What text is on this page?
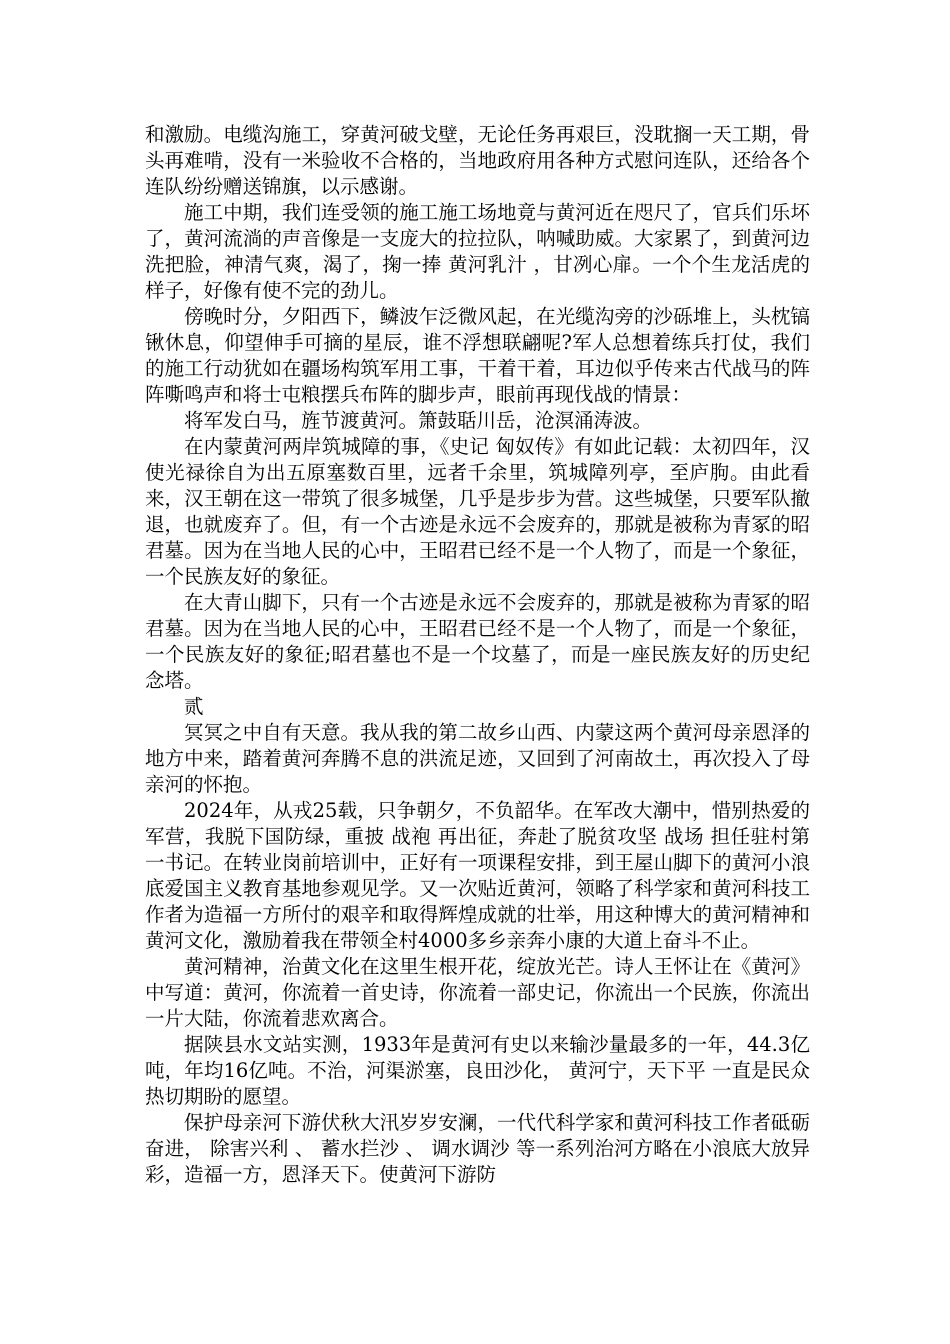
和激励。电缆沟施工，穿黄河破戈壁，无论任务再艰巨，没耽搁一天工期，骨头再难啃，没有一米验收不合格的，当地政府用各种方式慰问连队，还给各个连队纷纷赠送锦旗，以示感谢。

施工中期，我们连受领的施工施工场地竟与黄河近在咫尺了，官兵们乐坏了，黄河流淌的声音像是一支庞大的拉拉队，呐喊助威。大家累了，到黄河边洗把脸，神清气爽，渴了，掬一捧 黄河乳汁 ，甘冽心扉。一个个生龙活虎的样子，好像有使不完的劲儿。

傍晚时分，夕阳西下，鳞波乍泛微风起，在光缆沟旁的沙砾堆上，头枕镐锹休息，仰望伸手可摘的星辰，谁不浮想联翩呢?军人总想着练兵打仗，我们的施工行动犹如在疆场构筑军用工事，干着干着，耳边似乎传来古代战马的阵阵嘶鸣声和将士屯粮摆兵布阵的脚步声，眼前再现伐战的情景：

将军发白马，旌节渡黄河。箫鼓聒川岳，沧溟涌涛波。

在内蒙黄河两岸筑城障的事，《史记 匈奴传》有如此记载：太初四年，汉使光禄徐自为出五原塞数百里，远者千余里，筑城障列亭，至庐朐。由此看来，汉王朝在这一带筑了很多城堡，几乎是步步为营。这些城堡，只要军队撤退，也就废弃了。但，有一个古迹是永远不会废弃的，那就是被称为青冢的昭君墓。因为在当地人民的心中，王昭君已经不是一个人物了，而是一个象征，一个民族友好的象征。

在大青山脚下，只有一个古迹是永远不会废弃的，那就是被称为青冢的昭君墓。因为在当地人民的心中，王昭君已经不是一个人物了，而是一个象征，一个民族友好的象征;昭君墓也不是一个坟墓了，而是一座民族友好的历史纪念塔。

贰

冥冥之中自有天意。我从我的第二故乡山西、内蒙这两个黄河母亲恩泽的地方中来，踏着黄河奔腾不息的洪流足迹，又回到了河南故土，再次投入了母亲河的怀抱。

2024年，从戎25载，只争朝夕，不负韶华。在军改大潮中，惜别热爱的军营，我脱下国防绿，重披 战袍 再出征，奔赴了脱贫攻坚 战场 担任驻村第一书记。在转业岗前培训中，正好有一项课程安排，到王屋山脚下的黄河小浪底爱国主义教育基地参观见学。又一次贴近黄河，领略了科学家和黄河科技工作者为造福一方所付的艰辛和取得辉煌成就的壮举，用这种博大的黄河精神和黄河文化，激励着我在带领全村4000多乡亲奔小康的大道上奋斗不止。

黄河精神，治黄文化在这里生根开花，绽放光芒。诗人王怀让在《黄河》中写道：黄河，你流着一首史诗，你流着一部史记，你流出一个民族，你流出一片大陆，你流着悲欢离合。

据陕县水文站实测，1933年是黄河有史以来输沙量最多的一年，44.3亿吨，年均16亿吨。不治，河渠淤塞，良田沙化， 黄河宁，天下平 一直是民众热切期盼的愿望。

保护母亲河下游伏秋大汛岁岁安澜，一代代科学家和黄河科技工作者砥砺奋进， 除害兴利 、 蓄水拦沙 、 调水调沙 等一系列治河方略在小浪底大放异彩，造福一方，恩泽天下。使黄河下游防
